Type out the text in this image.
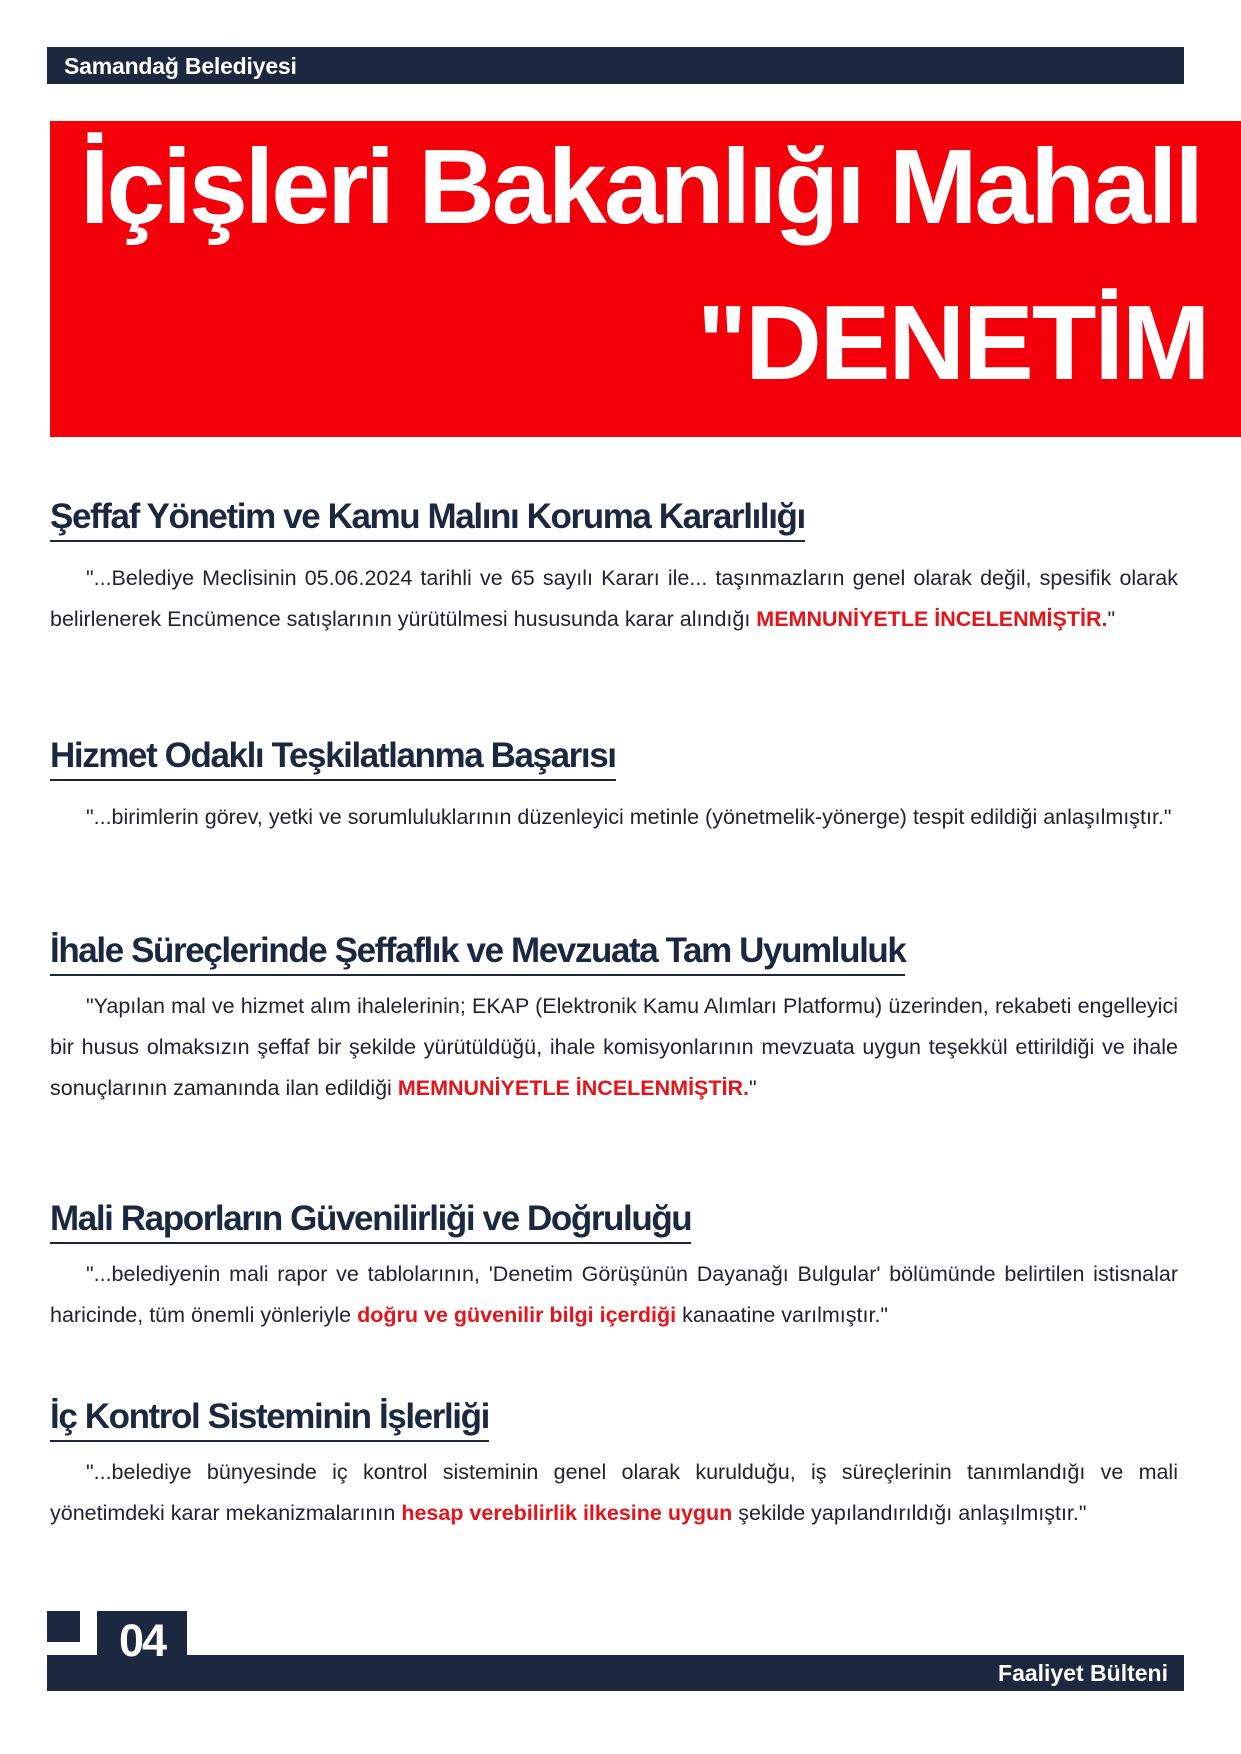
Samandağ Belediyesi
İçişleri Bakanlığı Mahall
"DENETİM
Şeffaf Yönetim ve Kamu Malını Koruma Kararlılığı
"...Belediye Meclisinin 05.06.2024 tarihli ve 65 sayılı Kararı ile... taşınmazların genel olarak değil, spesifik olarak belirlenerek Encümence satışlarının yürütülmesi hususunda karar alındığı MEMNUNİYETLE İNCELENMİŞTİR."
Hizmet Odaklı Teşkilatlanma Başarısı
"...birimlerin görev, yetki ve sorumluluklarının düzenleyici metinle (yönetmelik-yönerge) tespit edildiği anlaşılmıştır."
İhale Süreçlerinde Şeffaflık ve Mevzuata Tam Uyumluluk
"Yapılan mal ve hizmet alım ihalelerinin; EKAP (Elektronik Kamu Alımları Platformu) üzerinden, rekabeti engelleyici bir husus olmaksızın şeffaf bir şekilde yürütüldüğü, ihale komisyonlarının mevzuata uygun teşekkül ettirildiği ve ihale sonuçlarının zamanında ilan edildiği MEMNUNİYETLE İNCELENMİŞTİR."
Mali Raporların Güvenilirliği ve Doğruluğu
"...belediyenin mali rapor ve tablolarının, 'Denetim Görüşünün Dayanağı Bulgular' bölümünde belirtilen istisnalar haricinde, tüm önemli yönleriyle doğru ve güvenilir bilgi içerdiği kanaatine varılmıştır."
İç Kontrol Sisteminin İşlerliği
"...belediye bünyesinde iç kontrol sisteminin genel olarak kurulduğu, iş süreçlerinin tanımlandığı ve mali yönetimdeki karar mekanizmalarının hesap verebilirlik ilkesine uygun şekilde yapılandırıldığı anlaşılmıştır."
Faaliyet Bülteni
04
